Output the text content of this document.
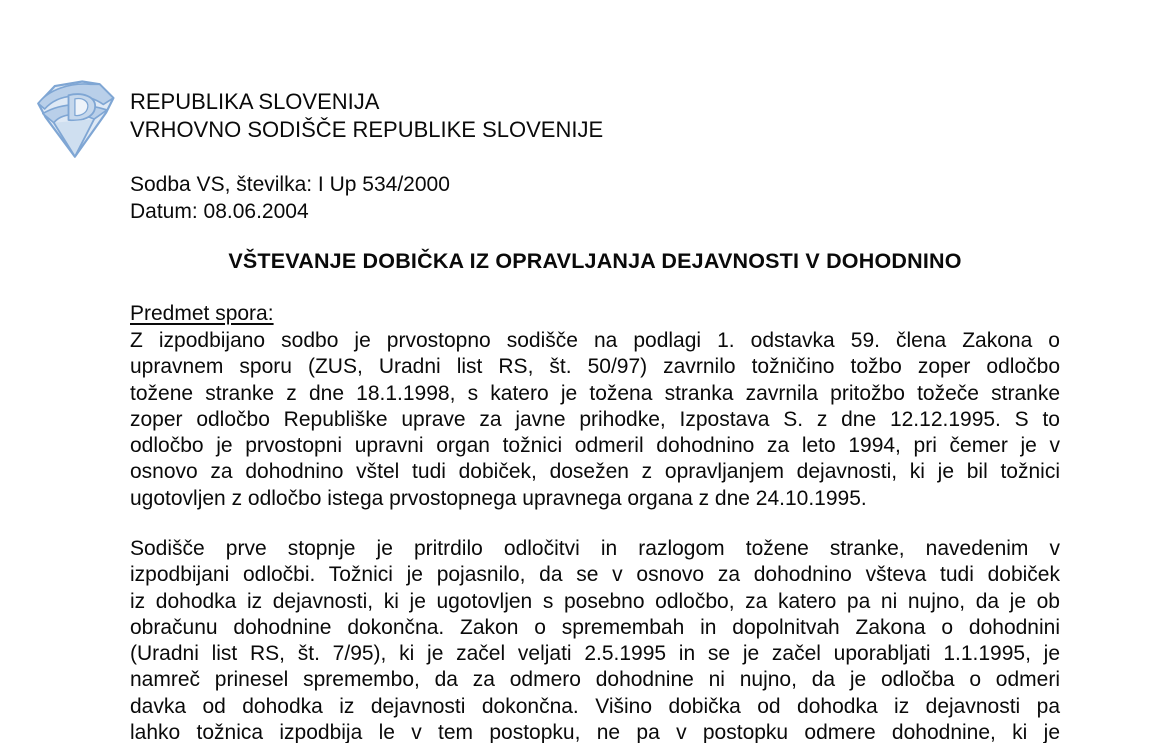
REPUBLIKA SLOVENIJA
VRHOVNO SODIŠČE REPUBLIKE SLOVENIJE
Sodba VS, številka: I Up 534/2000
Datum: 08.06.2004
VŠTEVANJE DOBIČKA IZ OPRAVLJANJA DEJAVNOSTI V DOHODNINO
Predmet spora:
Z izpodbijano sodbo je prvostopno sodišče na podlagi 1. odstavka 59. člena Zakona o
upravnem sporu (ZUS, Uradni list RS, št. 50/97) zavrnilo tožničino tožbo zoper odločbo
tožene stranke z dne 18.1.1998, s katero je tožena stranka zavrnila pritožbo tožeče stranke
zoper odločbo Republiške uprave za javne prihodke, Izpostava S. z dne 12.12.1995. S to
odločbo je prvostopni upravni organ tožnici odmeril dohodnino za leto 1994, pri čemer je v
osnovo za dohodnino vštel tudi dobiček, dosežen z opravljanjem dejavnosti, ki je bil tožnici
ugotovljen z odločbo istega prvostopnega upravnega organa z dne 24.10.1995.
Sodišče prve stopnje je pritrdilo odločitvi in razlogom tožene stranke, navedenim v
izpodbijani odločbi. Tožnici je pojasnilo, da se v osnovo za dohodnino všteva tudi dobiček
iz dohodka iz dejavnosti, ki je ugotovljen s posebno odločbo, za katero pa ni nujno, da je ob
obračunu dohodnine dokončna. Zakon o spremembah in dopolnitvah Zakona o dohodnini
(Uradni list RS, št. 7/95), ki je začel veljati 2.5.1995 in se je začel uporabljati 1.1.1995, je
namreč prinesel spremembo, da za odmero dohodnine ni nujno, da je odločba o odmeri
davka od dohodka iz dejavnosti dokončna. Višino dobička od dohodka iz dejavnosti pa
lahko tožnica izpodbija le v tem postopku, ne pa v postopku odmere dohodnine, ki je
